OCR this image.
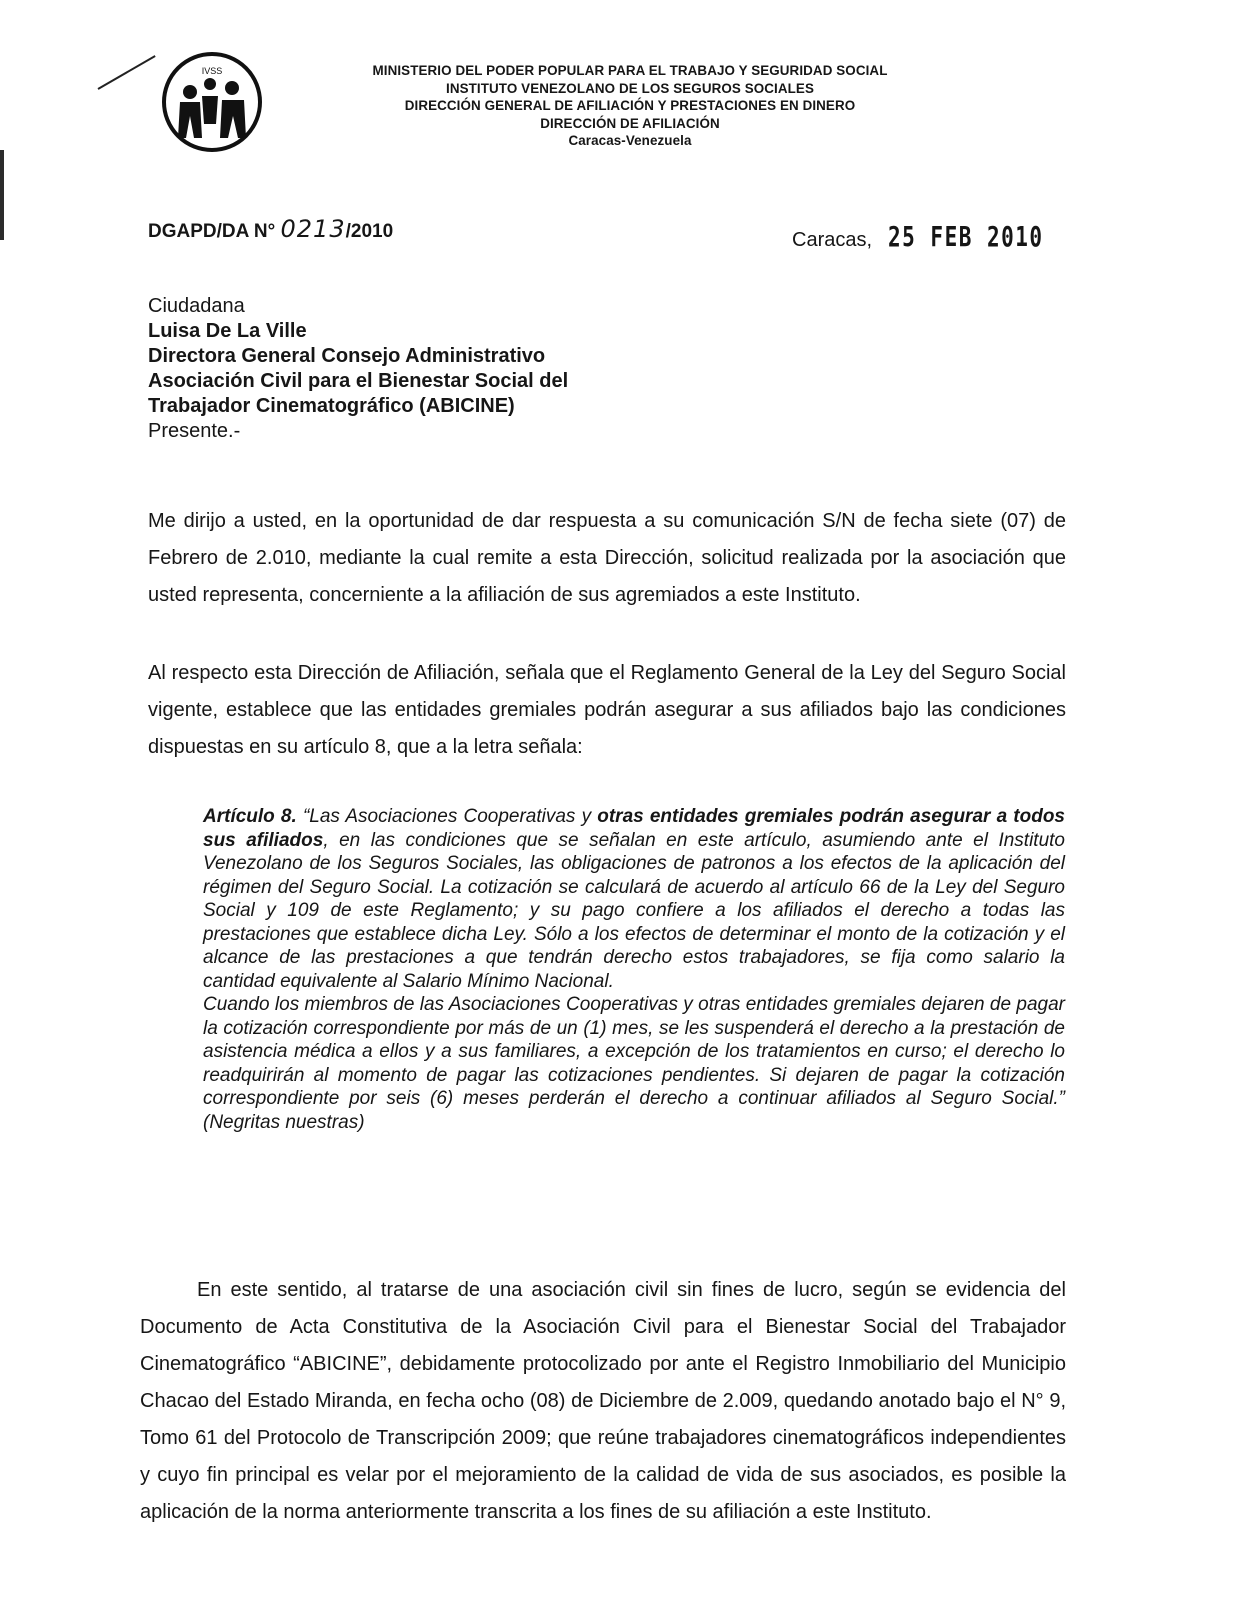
IVSS	MINISTERIO DEL PODER POPULAR PARA EL TRABAJO Y SEGURIDAD SOCIAL
INSTITUTO VENEZOLANO DE LOS SEGUROS SOCIALES
DIRECCIÓN GENERAL DE AFILIACIÓN Y PRESTACIONES EN DINERO
DIRECCIÓN DE AFILIACIÓN
Caracas-Venezuela
DGAPD/DA N° 0213/2010	Caracas, 25 FEB 2010
Ciudadana
Luisa De La Ville
Directora General Consejo Administrativo
Asociación Civil para el Bienestar Social del
Trabajador Cinematográfico (ABICINE)
Presente.-
Me dirijo a usted, en la oportunidad de dar respuesta a su comunicación S/N de fecha siete (07) de Febrero de 2.010, mediante la cual remite a esta Dirección, solicitud realizada por la asociación que usted representa, concerniente a la afiliación de sus agremiados a este Instituto.
Al respecto esta Dirección de Afiliación, señala que el Reglamento General de la Ley del Seguro Social vigente, establece que las entidades gremiales podrán asegurar a sus afiliados bajo las condiciones dispuestas en su artículo 8, que a la letra señala:
Artículo 8. “Las Asociaciones Cooperativas y otras entidades gremiales podrán asegurar a todos sus afiliados, en las condiciones que se señalan en este artículo, asumiendo ante el Instituto Venezolano de los Seguros Sociales, las obligaciones de patronos a los efectos de la aplicación del régimen del Seguro Social. La cotización se calculará de acuerdo al artículo 66 de la Ley del Seguro Social y 109 de este Reglamento; y su pago confiere a los afiliados el derecho a todas las prestaciones que establece dicha Ley. Sólo a los efectos de determinar el monto de la cotización y el alcance de las prestaciones a que tendrán derecho estos trabajadores, se fija como salario la cantidad equivalente al Salario Mínimo Nacional.
Cuando los miembros de las Asociaciones Cooperativas y otras entidades gremiales dejaren de pagar la cotización correspondiente por más de un (1) mes, se les suspenderá el derecho a la prestación de asistencia médica a ellos y a sus familiares, a excepción de los tratamientos en curso; el derecho lo readquirirán al momento de pagar las cotizaciones pendientes. Si dejaren de pagar la cotización correspondiente por seis (6) meses perderán el derecho a continuar afiliados al Seguro Social.” (Negritas nuestras)
En este sentido, al tratarse de una asociación civil sin fines de lucro, según se evidencia del Documento de Acta Constitutiva de la Asociación Civil para el Bienestar Social del Trabajador Cinematográfico “ABICINE”, debidamente protocolizado por ante el Registro Inmobiliario del Municipio Chacao del Estado Miranda, en fecha ocho (08) de Diciembre de 2.009, quedando anotado bajo el N° 9, Tomo 61 del Protocolo de Transcripción 2009; que reúne trabajadores cinematográficos independientes y cuyo fin principal es velar por el mejoramiento de la calidad de vida de sus asociados, es posible la aplicación de la norma anteriormente transcrita a los fines de su afiliación a este Instituto.
